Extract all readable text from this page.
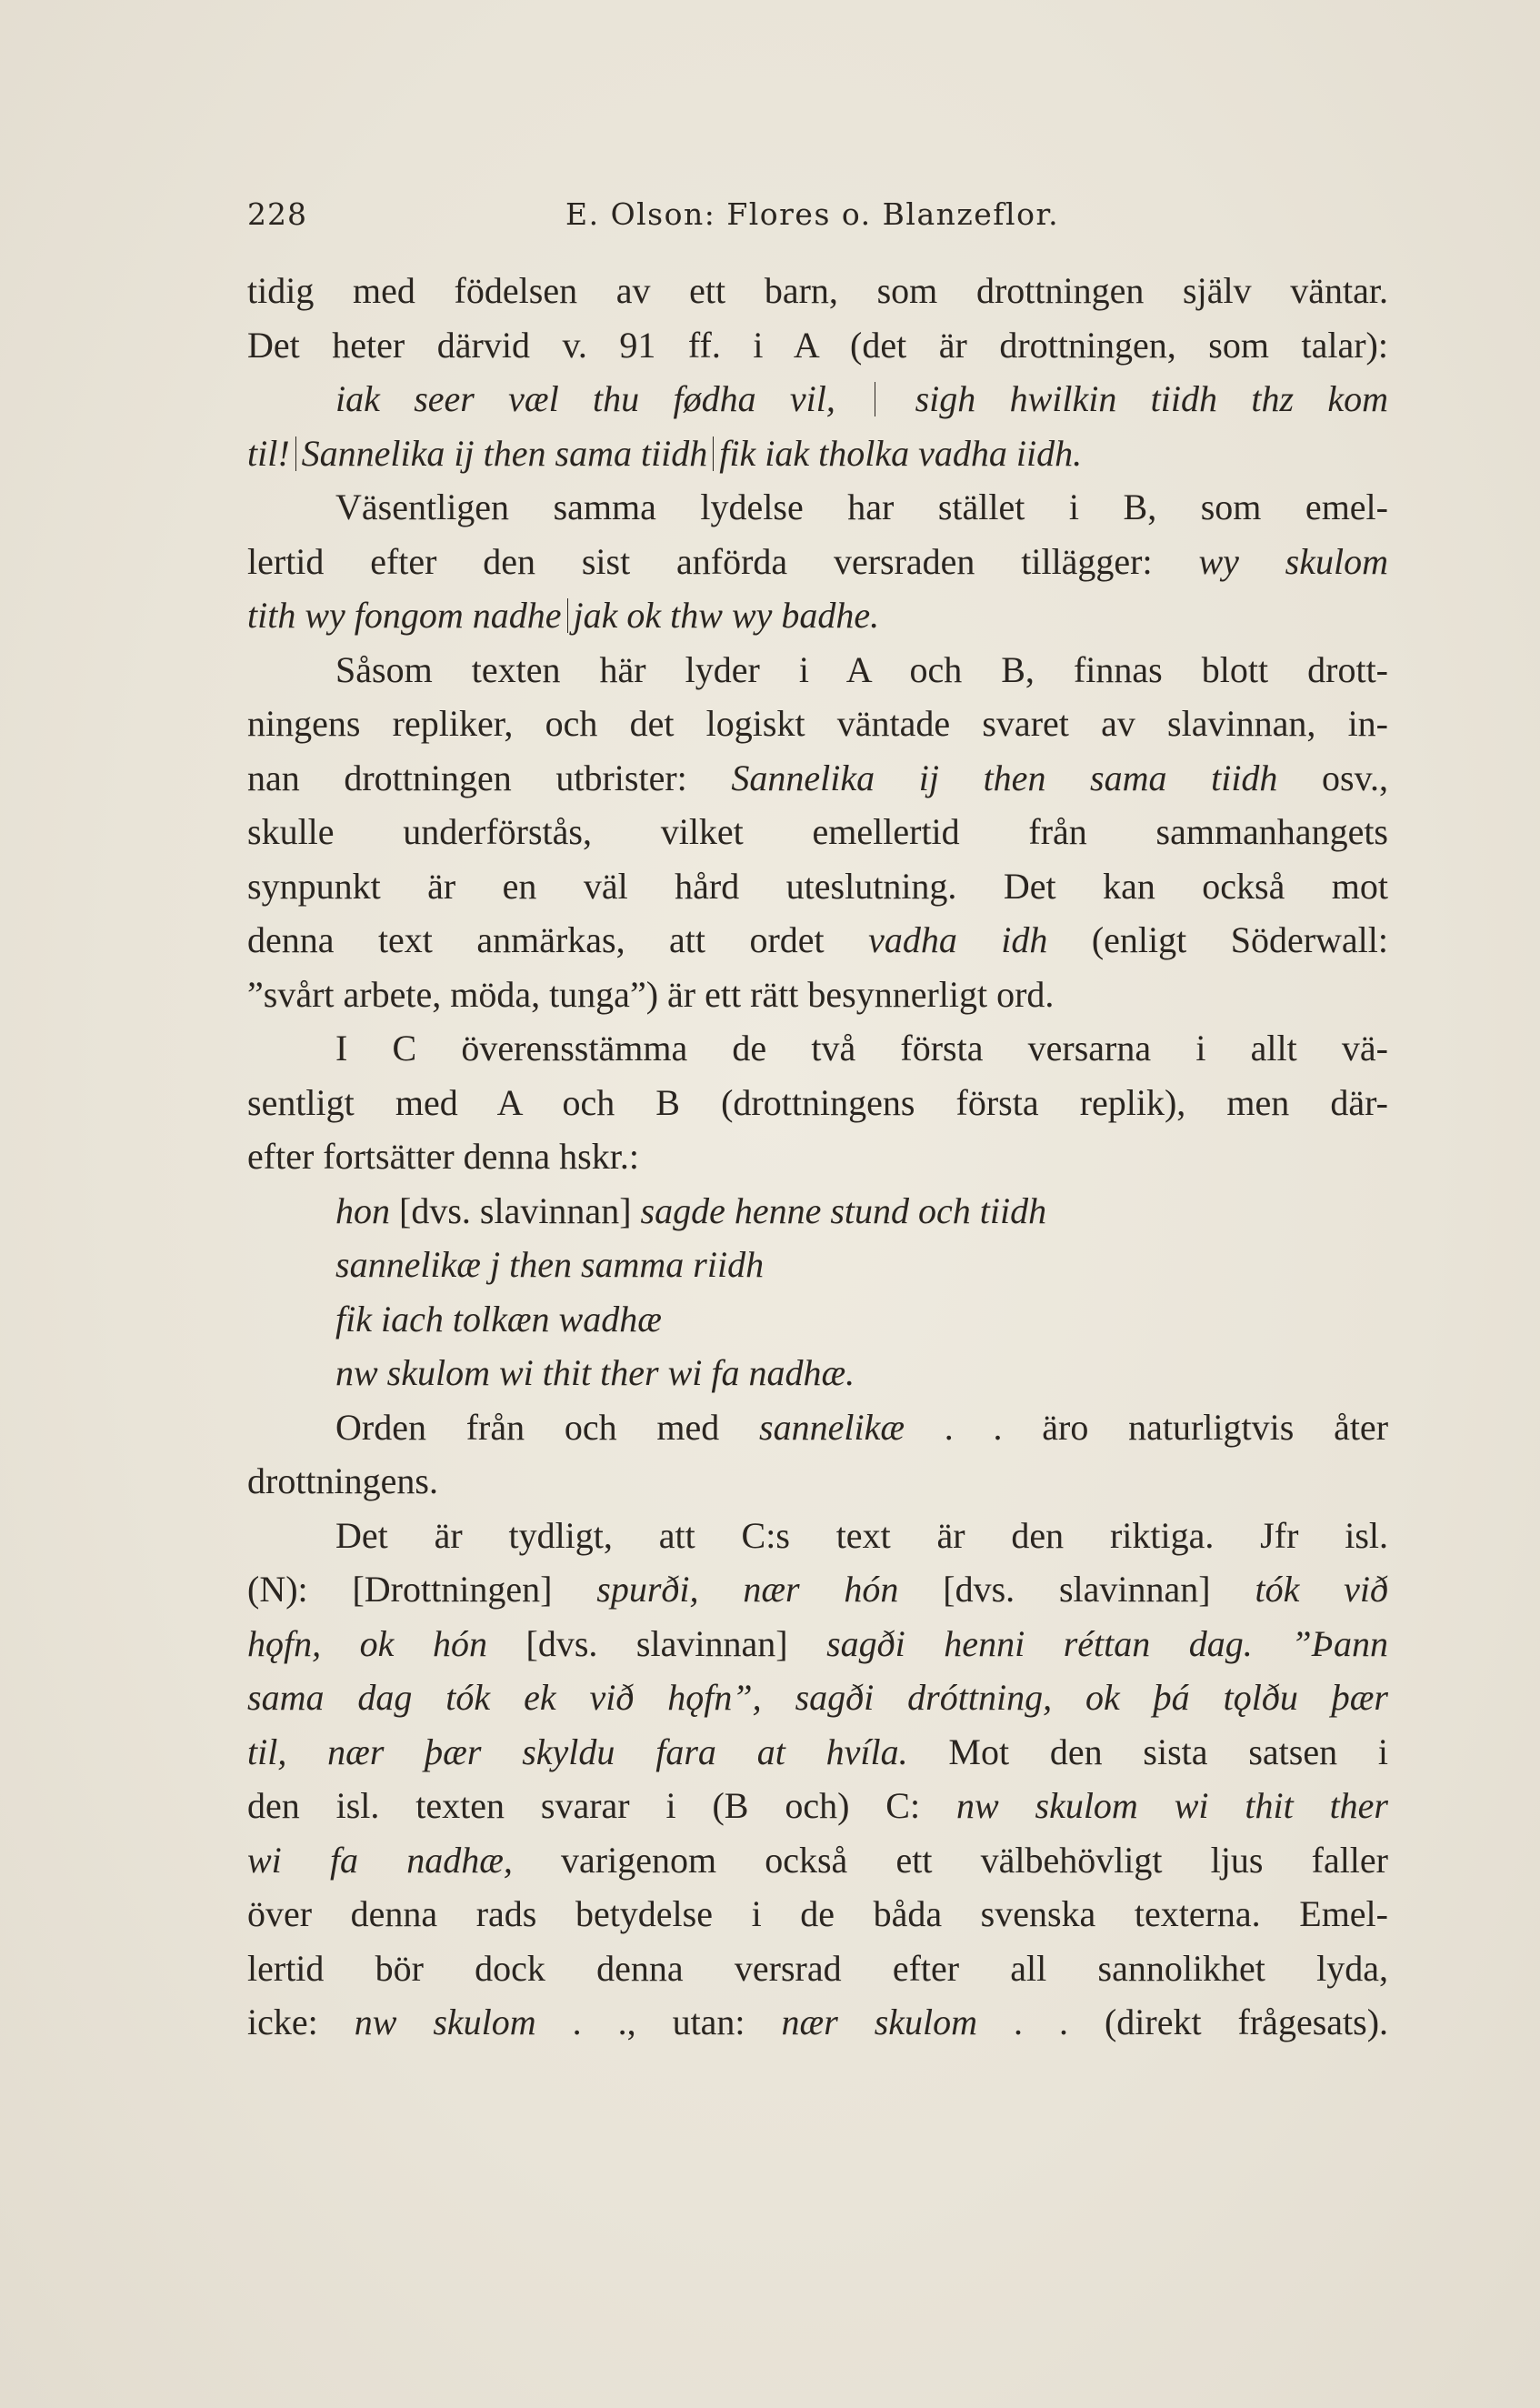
228	E. Olson: Flores o. Blanzeflor.
tidig med födelsen av ett barn, som drottningen själv väntar.
Det heter därvid v. 91 ff. i A (det är drottningen, som talar):
iak seer væl thu fødha vil, sigh hwilkin tiidh thz kom
til! Sannelika ij then sama tiidh fik iak tholka vadha iidh.
Väsentligen samma lydelse har stället i B, som emel-
lertid efter den sist anförda versraden tillägger: wy skulom
tith wy fongom nadhe jak ok thw wy badhe.
Såsom texten här lyder i A och B, finnas blott drott-
ningens repliker, och det logiskt väntade svaret av slavinnan, in-
nan drottningen utbrister: Sannelika ij then sama tiidh osv.,
skulle underförstås, vilket emellertid från sammanhangets
synpunkt är en väl hård uteslutning. Det kan också mot
denna text anmärkas, att ordet vadha idh (enligt Söderwall:
”svårt arbete, möda, tunga”) är ett rätt besynnerligt ord.
I C överensstämma de två första versarna i allt vä-
sentligt med A och B (drottningens första replik), men där-
efter fortsätter denna hskr.:
hon [dvs. slavinnan] sagde henne stund och tiidh
sannelikæ j then samma riidh
fik iach tolkæn wadhæ
nw skulom wi thit ther wi fa nadhæ.
Orden från och med sannelikæ . . äro naturligtvis åter
drottningens.
Det är tydligt, att C:s text är den riktiga. Jfr isl.
(N): [Drottningen] spurði, nær hón [dvs. slavinnan] tók við
hǫfn, ok hón [dvs. slavinnan] sagði henni réttan dag. ”Þann
sama dag tók ek við hǫfn”, sagði dróttning, ok þá tǫlðu þær
til, nær þær skyldu fara at hvíla. Mot den sista satsen i
den isl. texten svarar i (B och) C: nw skulom wi thit ther
wi fa nadhæ, varigenom också ett välbehövligt ljus faller
över denna rads betydelse i de båda svenska texterna. Emel-
lertid bör dock denna versrad efter all sannolikhet lyda,
icke: nw skulom . ., utan: nær skulom . . (direkt frågesats).
